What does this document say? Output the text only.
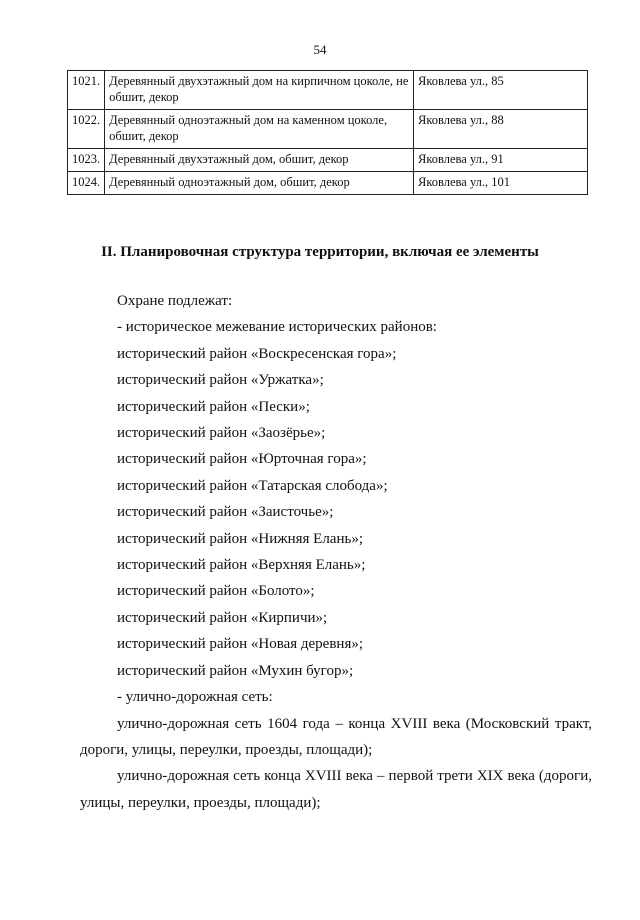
54
1021.	Деревянный двухэтажный дом на кирпичном цоколе, не обшит, декор	Яковлева ул., 85
1022.	Деревянный одноэтажный дом на каменном цоколе, обшит, декор	Яковлева ул., 88
1023.	Деревянный двухэтажный дом, обшит, декор	Яковлева ул., 91
1024.	Деревянный одноэтажный дом, обшит, декор	Яковлева ул., 101
II. Планировочная структура территории, включая ее элементы

Охране подлежат:

- историческое межевание исторических районов:

исторический район «Воскресенская гора»;

исторический район «Уржатка»;

исторический район «Пески»;

исторический район «Заозёрье»;

исторический район «Юрточная гора»;

исторический район «Татарская слобода»;

исторический район «Заисточье»;

исторический район «Нижняя Елань»;

исторический район «Верхняя Елань»;

исторический район «Болото»;

исторический район «Кирпичи»;

исторический район «Новая деревня»;

исторический район «Мухин бугор»;

- улично-дорожная сеть:

улично-дорожная сеть 1604 года – конца XVIII века (Московский тракт, дороги, улицы, переулки, проезды, площади);

улично-дорожная сеть конца XVIII века – первой трети XIX века (дороги, улицы, переулки, проезды, площади);
